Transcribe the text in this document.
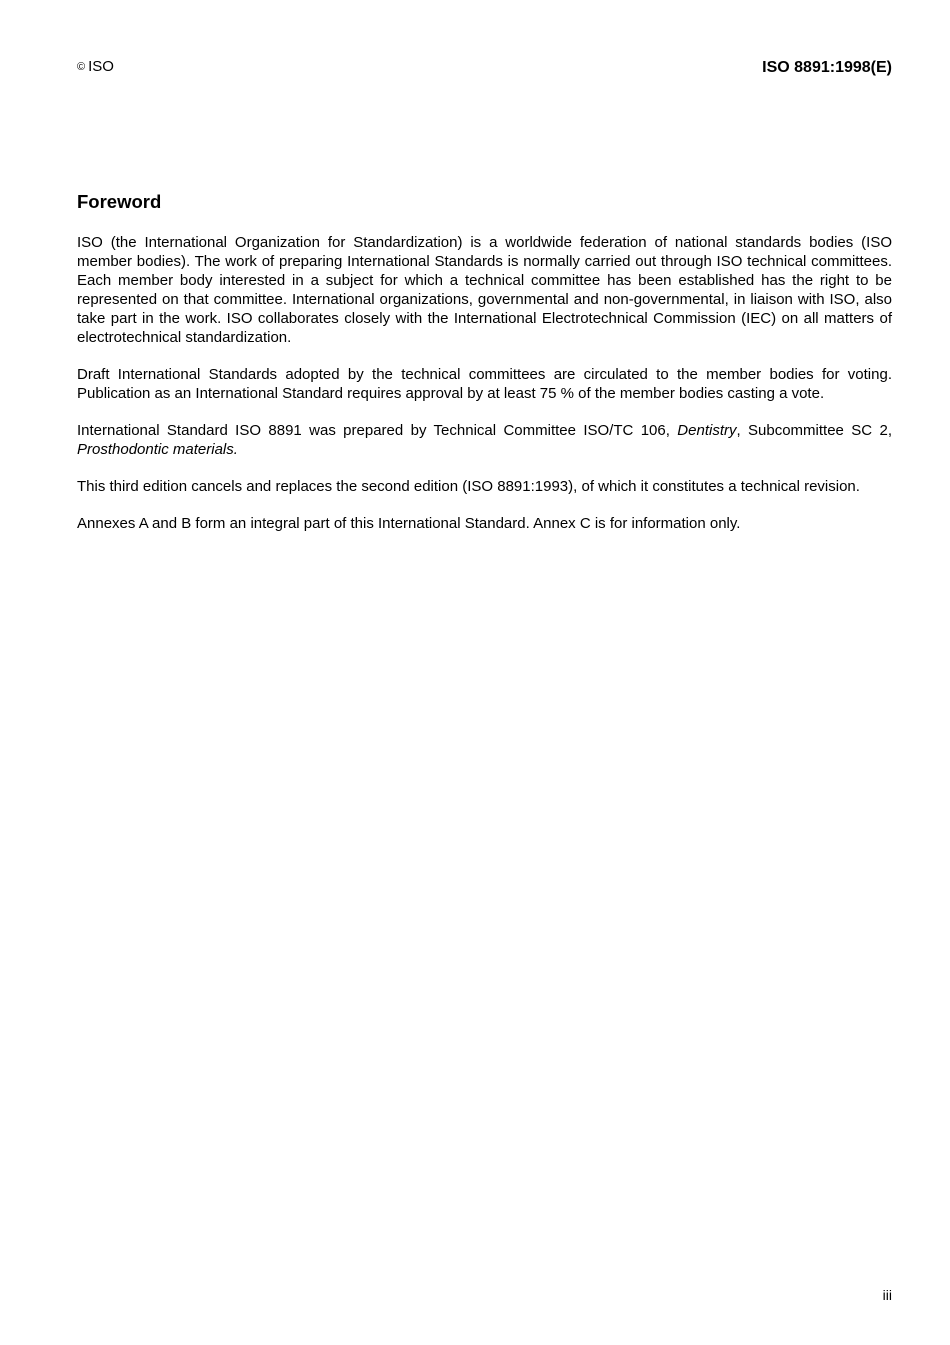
© ISO	ISO 8891:1998(E)
Foreword

ISO (the International Organization for Standardization) is a worldwide federation of national standards bodies (ISO member bodies). The work of preparing International Standards is normally carried out through ISO technical committees. Each member body interested in a subject for which a technical committee has been established has the right to be represented on that committee. International organizations, governmental and non-governmental, in liaison with ISO, also take part in the work. ISO collaborates closely with the International Electrotechnical Commission (IEC) on all matters of electrotechnical standardization.

Draft International Standards adopted by the technical committees are circulated to the member bodies for voting. Publication as an International Standard requires approval by at least 75 % of the member bodies casting a vote.

International Standard ISO 8891 was prepared by Technical Committee ISO/TC 106, Dentistry, Subcommittee SC 2, Prosthodontic materials.

This third edition cancels and replaces the second edition (ISO 8891:1993), of which it constitutes a technical revision.

Annexes A and B form an integral part of this International Standard. Annex C is for information only.

iii
